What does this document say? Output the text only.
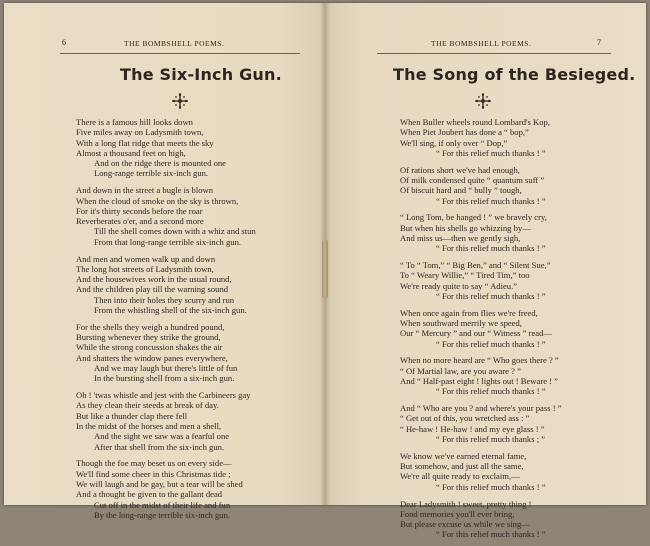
6	THE BOMBSHELL POEMS.
The Six-Inch Gun.
There is a famous hill looks down
Five miles away on Ladysmith town,
With a long flat ridge that meets the sky
Almost a thousand feet on high,
And on the ridge there is mounted one
Long-range terrible six-inch gun.
And down in the street a bugle is blown
When the cloud of smoke on the sky is thrown,
For it's thirty seconds before the roar
Reverberates o'er, and a second more
Till the shell comes down with a whiz and stun
From that long-range terrible six-inch gun.
And men and women walk up and down
The long hot streets of Ladysmith town,
And the housewives work in the usual round,
And the children play till the warning sound
Then into their holes they scurry and run
From the whistling shell of the six-inch gun.
For the shells they weigh a hundred pound,
Bursting whenever they strike the ground,
While the strong concussion shakes the air
And shatters the window panes everywhere,
And we may laugh but there's little of fun
In the bursting shell from a six-inch gun.
Oh ! 'twas whistle and jest with the Carbineers gay
As they clean their steeds at break of day.
But like a thunder clap there fell
In the midst of the horses and men a shell,
And the sight we saw was a fearful one
After that shell from the six-inch gun.
Though the foe may beset us on every side—
We'll find some cheer in this Christmas tide ;
We will laugh and be gay, but a tear will be shed
And a thought be given to the gallant dead
Cut off in the midst of their life and fun
By the long-range terrible six-inch gun.
THE BOMBSHELL POEMS.	7
The Song of the Besieged.
When Buller wheels round Lombard's Kop,
When Piet Joubert has done a “ bop,”
We'll sing, if only over “ Dop,”
“ For this relief much thanks ! ”
Of rations short we've had enough,
Of milk condensed quite “ quantum suff ”
Of biscuit hard and “ bully ” tough,
“ For this relief much thanks ! ”
“ Long Tom, be hanged ! ” we bravely cry,
But when his shells go whizzing by—
And miss us—then we gently sigh,
“ For this relief much thanks ! ”
“ To “ Tom,” “ Big Ben,” and “ Silent Sue,”
To “ Weary Willie,” “ Tired Tim,” too
We're ready quite to say “ Adieu.”
“ For this relief much thanks ! ”
When once again from flies we're freed,
When southward merrily we speed,
Our “ Mercury ” and our “ Witness ” read—
“ For this relief much thanks ! ”
When no more heard are “ Who goes there ? ”
“ Of Martial law, are you aware ? ”
And “ Half-past eight ! lights out ! Beware ! ”
“ For this relief much thanks ! ”
And “ Who are you ? and where's your pass ! ”
“ Get out of this, you wretched ass : ”
“ He-haw ! He-haw ! and my eye glass ! ”
“ For this relief much thanks ; ”
We know we've earned eternal fame,
But somehow, and just all the same,
We're all quite ready to exclaim,—
“ For this relief much thanks ! ”
Dear Ladysmith ! sweet, pretty thing !
Fond memories you'll ever bring,
But please excuse us while we sing—
“ For this relief much thanks ! ”
